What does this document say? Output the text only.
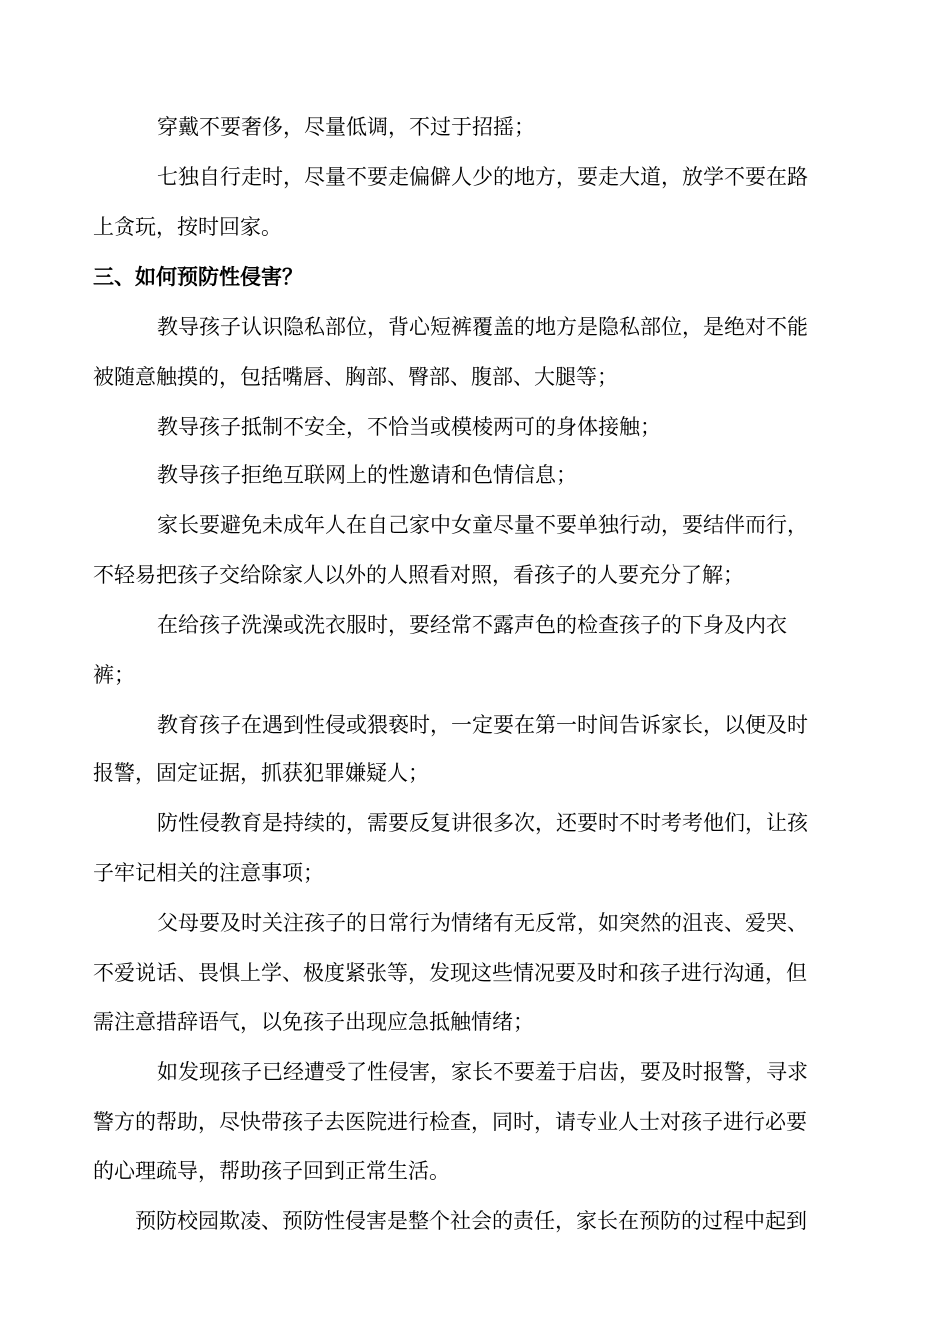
穿戴不要奢侈，尽量低调，不过于招摇；
七独自行走时，尽量不要走偏僻人少的地方，要走大道，放学不要在路
上贪玩，按时回家。
三、如何预防性侵害？
教导孩子认识隐私部位，背心短裤覆盖的地方是隐私部位，是绝对不能
被随意触摸的，包括嘴唇、胸部、臀部、腹部、大腿等；
教导孩子抵制不安全，不恰当或模棱两可的身体接触；
教导孩子拒绝互联网上的性邀请和色情信息；
家长要避免未成年人在自己家中女童尽量不要单独行动，要结伴而行，
不轻易把孩子交给除家人以外的人照看对照，看孩子的人要充分了解；
在给孩子洗澡或洗衣服时，要经常不露声色的检查孩子的下身及内衣
裤；
教育孩子在遇到性侵或猥亵时，一定要在第一时间告诉家长，以便及时
报警，固定证据，抓获犯罪嫌疑人；
防性侵教育是持续的，需要反复讲很多次，还要时不时考考他们，让孩
子牢记相关的注意事项；
父母要及时关注孩子的日常行为情绪有无反常，如突然的沮丧、爱哭、
不爱说话、畏惧上学、极度紧张等，发现这些情况要及时和孩子进行沟通，但
需注意措辞语气，以免孩子出现应急抵触情绪；
如发现孩子已经遭受了性侵害，家长不要羞于启齿，要及时报警，寻求
警方的帮助，尽快带孩子去医院进行检查，同时，请专业人士对孩子进行必要
的心理疏导，帮助孩子回到正常生活。
预防校园欺凌、预防性侵害是整个社会的责任，家长在预防的过程中起到
